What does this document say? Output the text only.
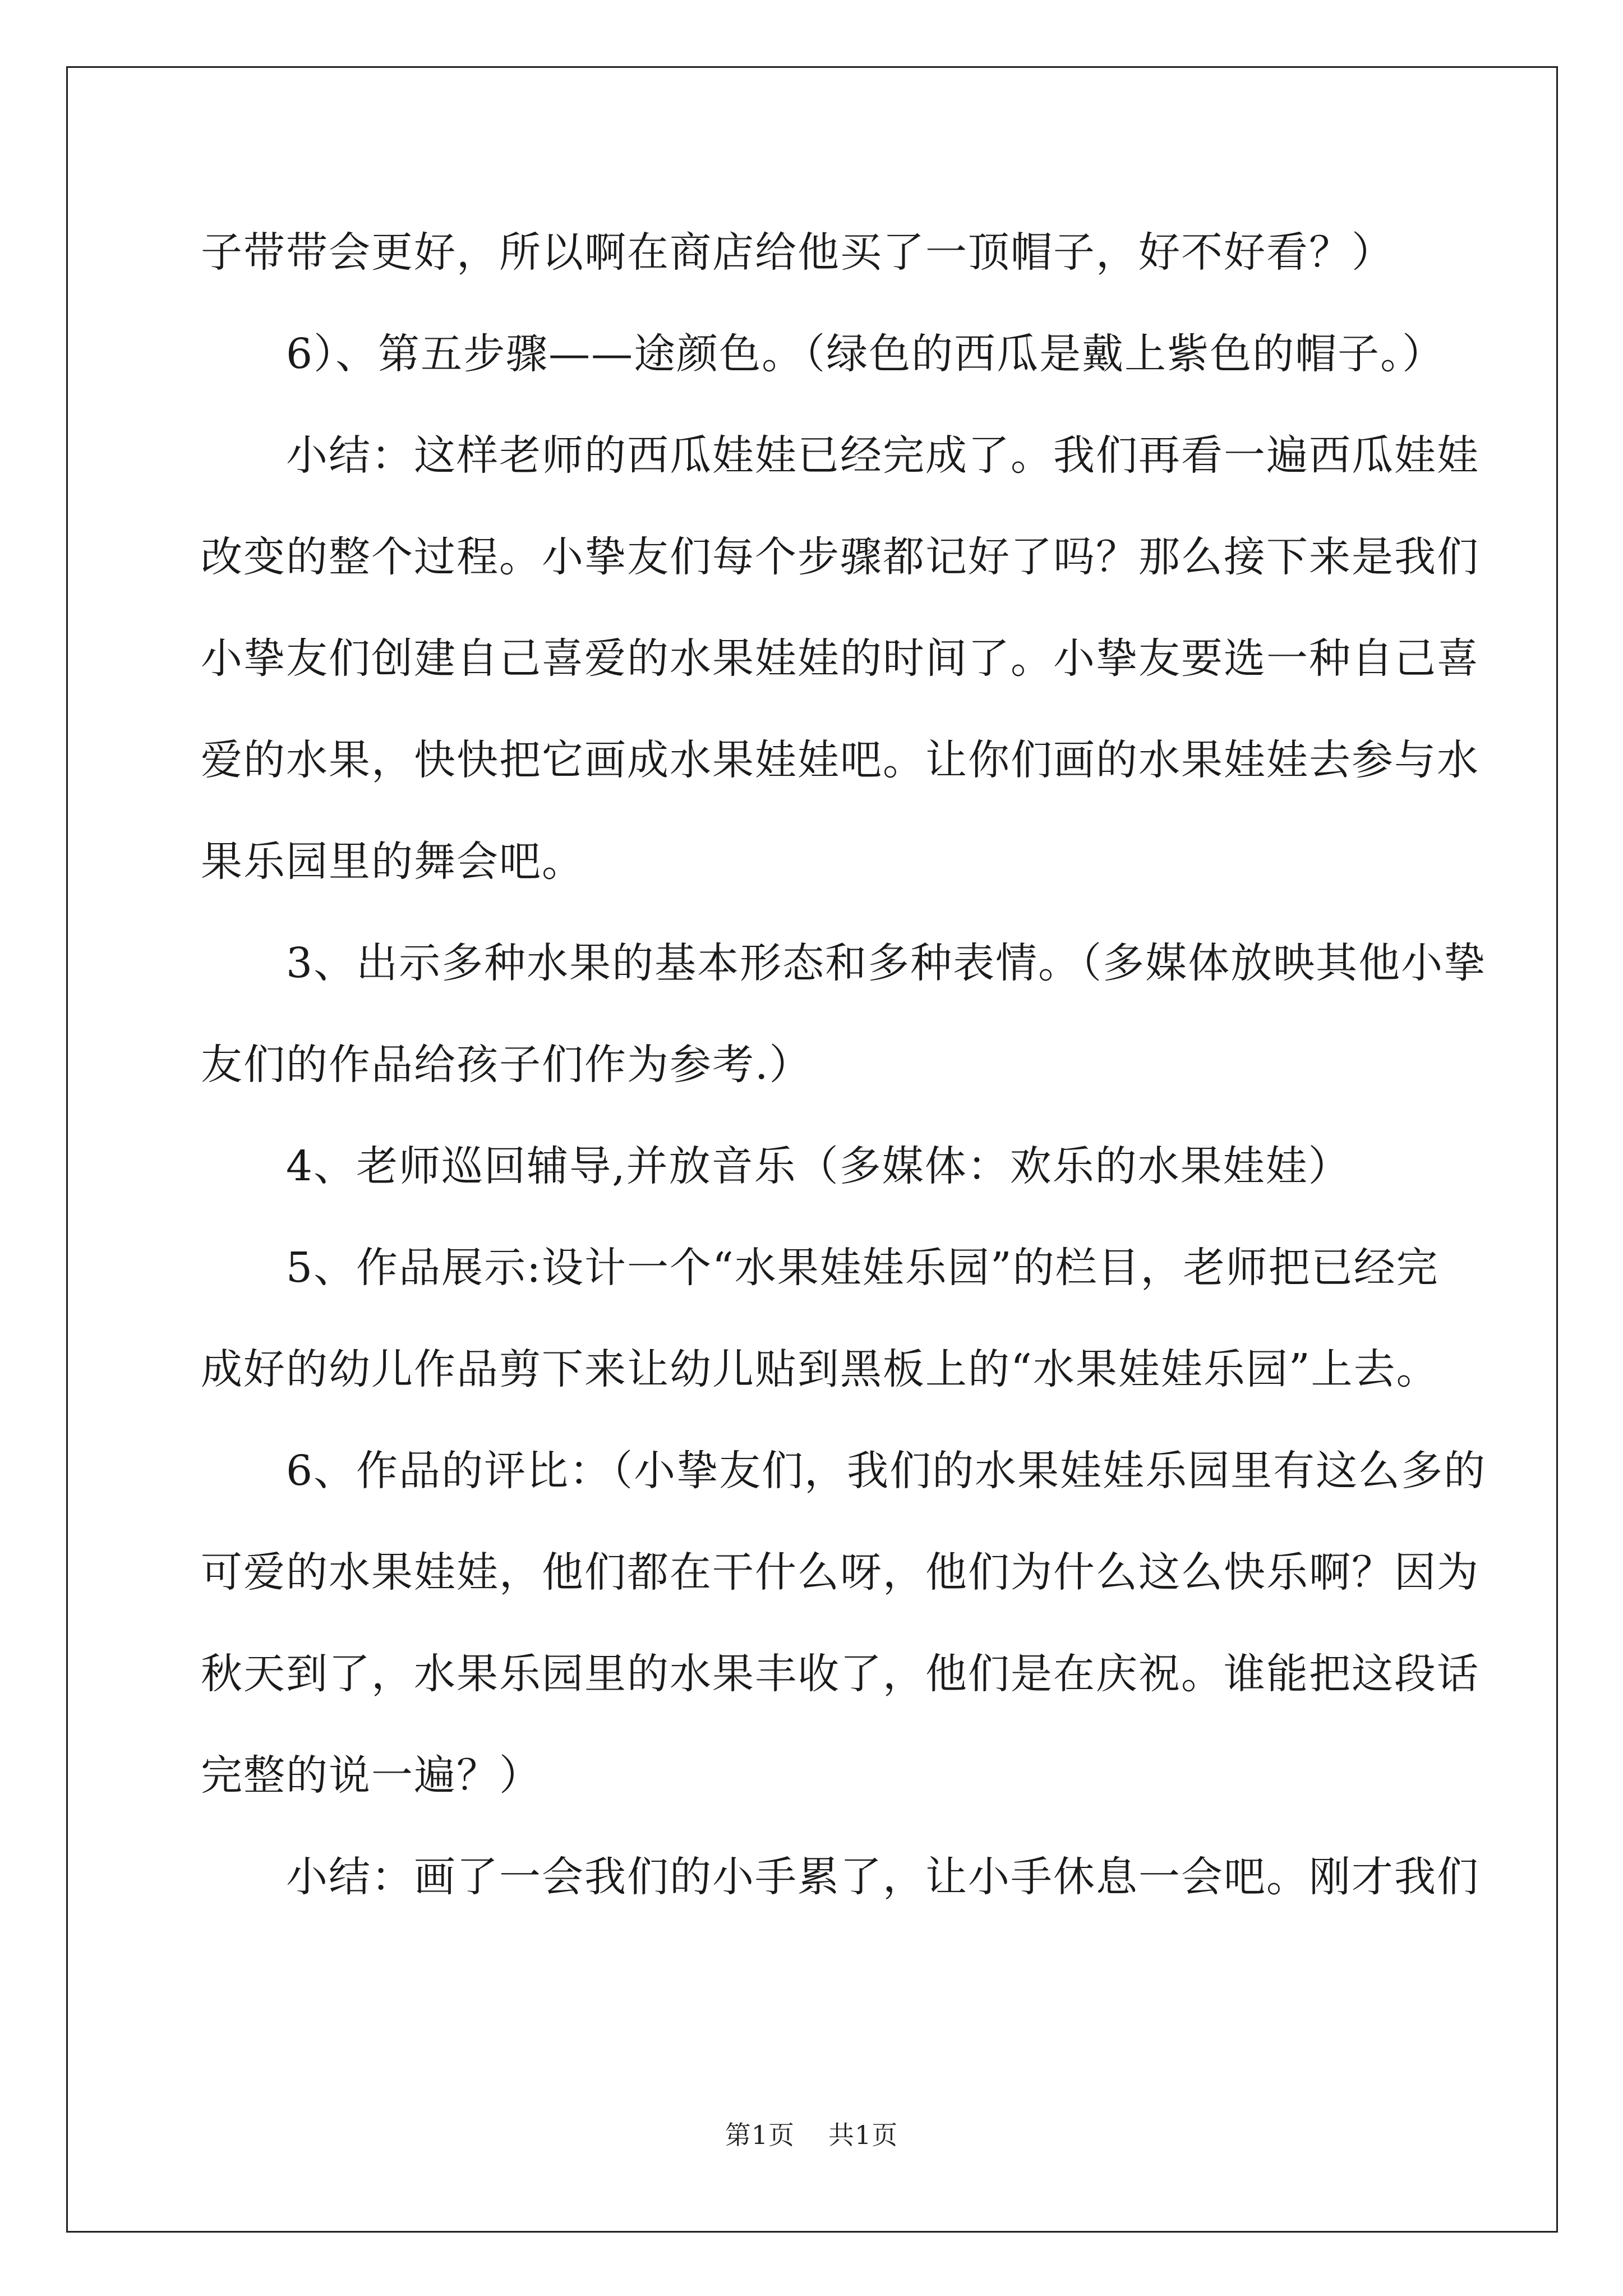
子带带会更好，所以啊在商店给他买了一顶帽子，好不好看？）

　　6）、第五步骤——途颜色。（绿色的西瓜是戴上紫色的帽子。）

　　小结：这样老师的西瓜娃娃已经完成了。我们再看一遍西瓜娃娃

改变的整个过程。小挚友们每个步骤都记好了吗？那么接下来是我们

小挚友们创建自己喜爱的水果娃娃的时间了。小挚友要选一种自己喜

爱的水果，快快把它画成水果娃娃吧。让你们画的水果娃娃去参与水

果乐园里的舞会吧。

　　3、出示多种水果的基本形态和多种表情。（多媒体放映其他小挚

友们的作品给孩子们作为参考.）

　　4、老师巡回辅导,并放音乐（多媒体：欢乐的水果娃娃）

　　5、作品展示:设计一个“水果娃娃乐园”的栏目，老师把已经完

成好的幼儿作品剪下来让幼儿贴到黑板上的“水果娃娃乐园”上去。

　　6、作品的评比：（小挚友们，我们的水果娃娃乐园里有这么多的

可爱的水果娃娃，他们都在干什么呀，他们为什么这么快乐啊？因为

秋天到了，水果乐园里的水果丰收了，他们是在庆祝。谁能把这段话

完整的说一遍？）

　　小结：画了一会我们的小手累了，让小手休息一会吧。刚才我们

第1页 共1页
